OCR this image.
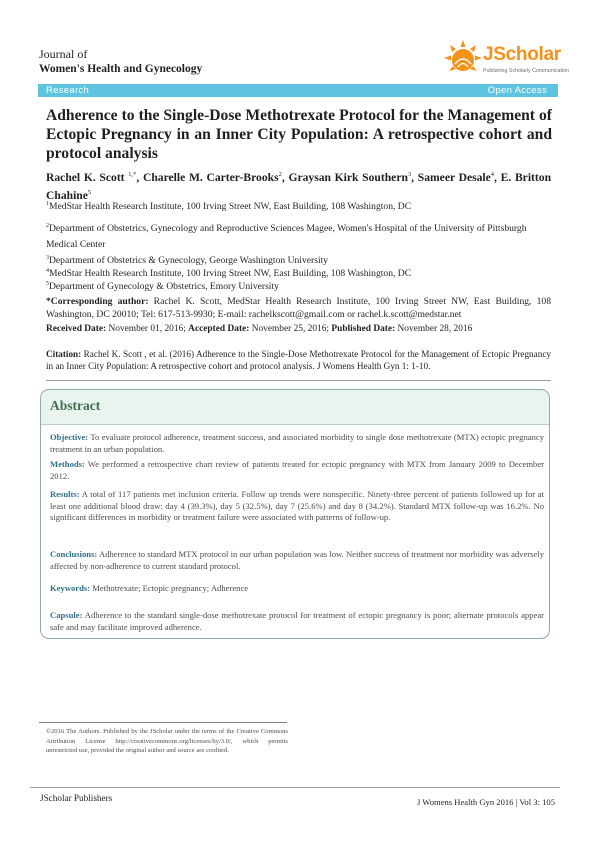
Journal of
Women's Health and Gynecology
JScholar
Publishing Scholarly Communication
Research	Open Access
Adherence to the Single-Dose Methotrexate Protocol for the Management of Ectopic Pregnancy in an Inner City Population: A retrospective cohort and protocol analysis
Rachel K. Scott $^{1,*}$, Charelle M. Carter-Brooks$^2$, Graysan Kirk Southern$^3$, Sameer Desale$^4$, E. Britton Chahine$^5$
$^1$MedStar Health Research Institute, 100 Irving Street NW, East Building, 108 Washington, DC
$^2$Department of Obstetrics, Gynecology and Reproductive Sciences Magee, Women's Hospital of the University of Pittsburgh Medical Center
$^3$Department of Obstetrics & Gynecology, George Washington University
$^4$MedStar Health Research Institute, 100 Irving Street NW, East Building, 108 Washington, DC
$^5$Department of Gynecology & Obstetrics, Emory University
*Corresponding author: Rachel K. Scott, MedStar Health Research Institute, 100 Irving Street NW, East Building, 108 Washington, DC 20010; Tel: 617-513-9930; E-mail: rachelkscott@gmail.com or rachel.k.scott@medstar.net
Received Date: November 01, 2016; Accepted Date: November 25, 2016; Published Date: November 28, 2016
Citation: Rachel K. Scott , et al. (2016) Adherence to the Single-Dose Methotrexate Protocol for the Management of Ectopic Pregnancy in an Inner City Population: A retrospective cohort and protocol analysis. J Womens Health Gyn 1: 1-10.
Abstract
Objective: To evaluate protocol adherence, treatment success, and associated morbidity to single dose methotrexate (MTX) ectopic pregnancy treatment in an urban population.
Methods: We performed a retrospective chart review of patients treated for ectopic pregnancy with MTX from January 2009 to December 2012.
Results: A total of 117 patients met inclusion criteria. Follow up trends were nonspecific. Ninety-three percent of patients followed up for at least one additional blood draw: day 4 (39.3%), day 5 (32.5%), day 7 (25.6%) and day 8 (34.2%). Standard MTX follow-up was 16.2%. No significant differences in morbidity or treatment failure were associated with patterns of follow-up.
Conclusions: Adherence to standard MTX protocol in our urban population was low. Neither success of treatment nor morbidity was adversely affected by non-adherence to current standard protocol.
Keywords: Methotrexate; Ectopic pregnancy; Adherence
Capsule: Adherence to the standard single-dose methotrexate protocol for treatment of ectopic pregnancy is poor; alternate protocols appear safe and may facilitate improved adherence.
©2016 The Authors. Published by the JScholar under the terms of the Creative Commons Attribution License http://creativecommons.org/licenses/by/3.0/, which permits unrestricted use, provided the original author and source are credited.
JScholar Publishers	J Womens Health Gyn 2016 | Vol 3: 105
